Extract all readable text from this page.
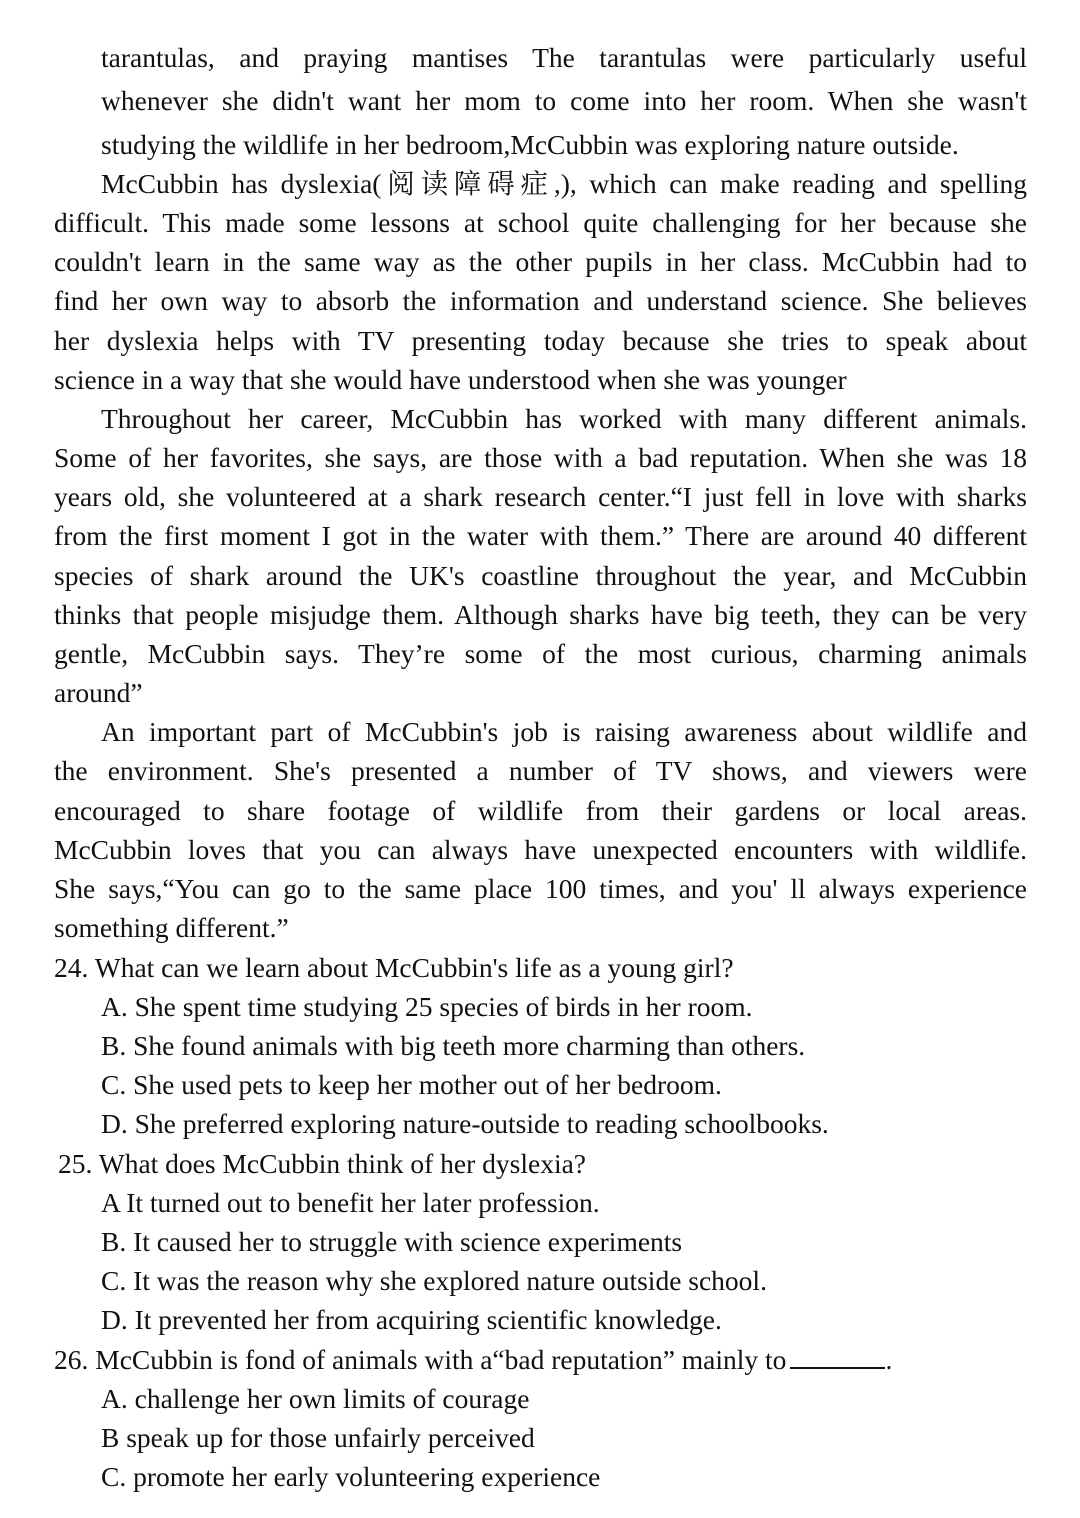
tarantulas, and praying mantises The tarantulas were particularly useful
whenever she didn't want her mom to come into her room. When she wasn't
studying the wildlife in her bedroom,McCubbin was exploring nature outside.
McCubbin has dyslexia(阅读障碍症,), which can make reading and spelling
difficult. This made some lessons at school quite challenging for her because she
couldn't learn in the same way as the other pupils in her class. McCubbin had to
find her own way to absorb the information and understand science. She believes
her dyslexia helps with TV presenting today because she tries to speak about
science in a way that she would have understood when she was younger
Throughout her career, McCubbin has worked with many different animals.
Some of her favorites, she says, are those with a bad reputation. When she was 18
years old, she volunteered at a shark research center.“I just fell in love with sharks
from the first moment I got in the water with them.” There are around 40 different
species of shark around the UK's coastline throughout the year, and McCubbin
thinks that people misjudge them. Although sharks have big teeth, they can be very
gentle, McCubbin says. They’re some of the most curious, charming animals
around”
An important part of McCubbin's job is raising awareness about wildlife and
the environment. She's presented a number of TV shows, and viewers were
encouraged to share footage of wildlife from their gardens or local areas.
McCubbin loves that you can always have unexpected encounters with wildlife.
She says,“You can go to the same place 100 times, and you' ll always experience
something different.”
24. What can we learn about McCubbin's life as a young girl?
A. She spent time studying 25 species of birds in her room.
B. She found animals with big teeth more charming than others.
C. She used pets to keep her mother out of her bedroom.
D. She preferred exploring nature-outside to reading schoolbooks.
25. What does McCubbin think of her dyslexia?
A It turned out to benefit her later profession.
B. It caused her to struggle with science experiments
C. It was the reason why she explored nature outside school.
D. It prevented her from acquiring scientific knowledge.
26. McCubbin is fond of animals with a“bad reputation” mainly to	.
A. challenge her own limits of courage
B speak up for those unfairly perceived
C. promote her early volunteering experience
